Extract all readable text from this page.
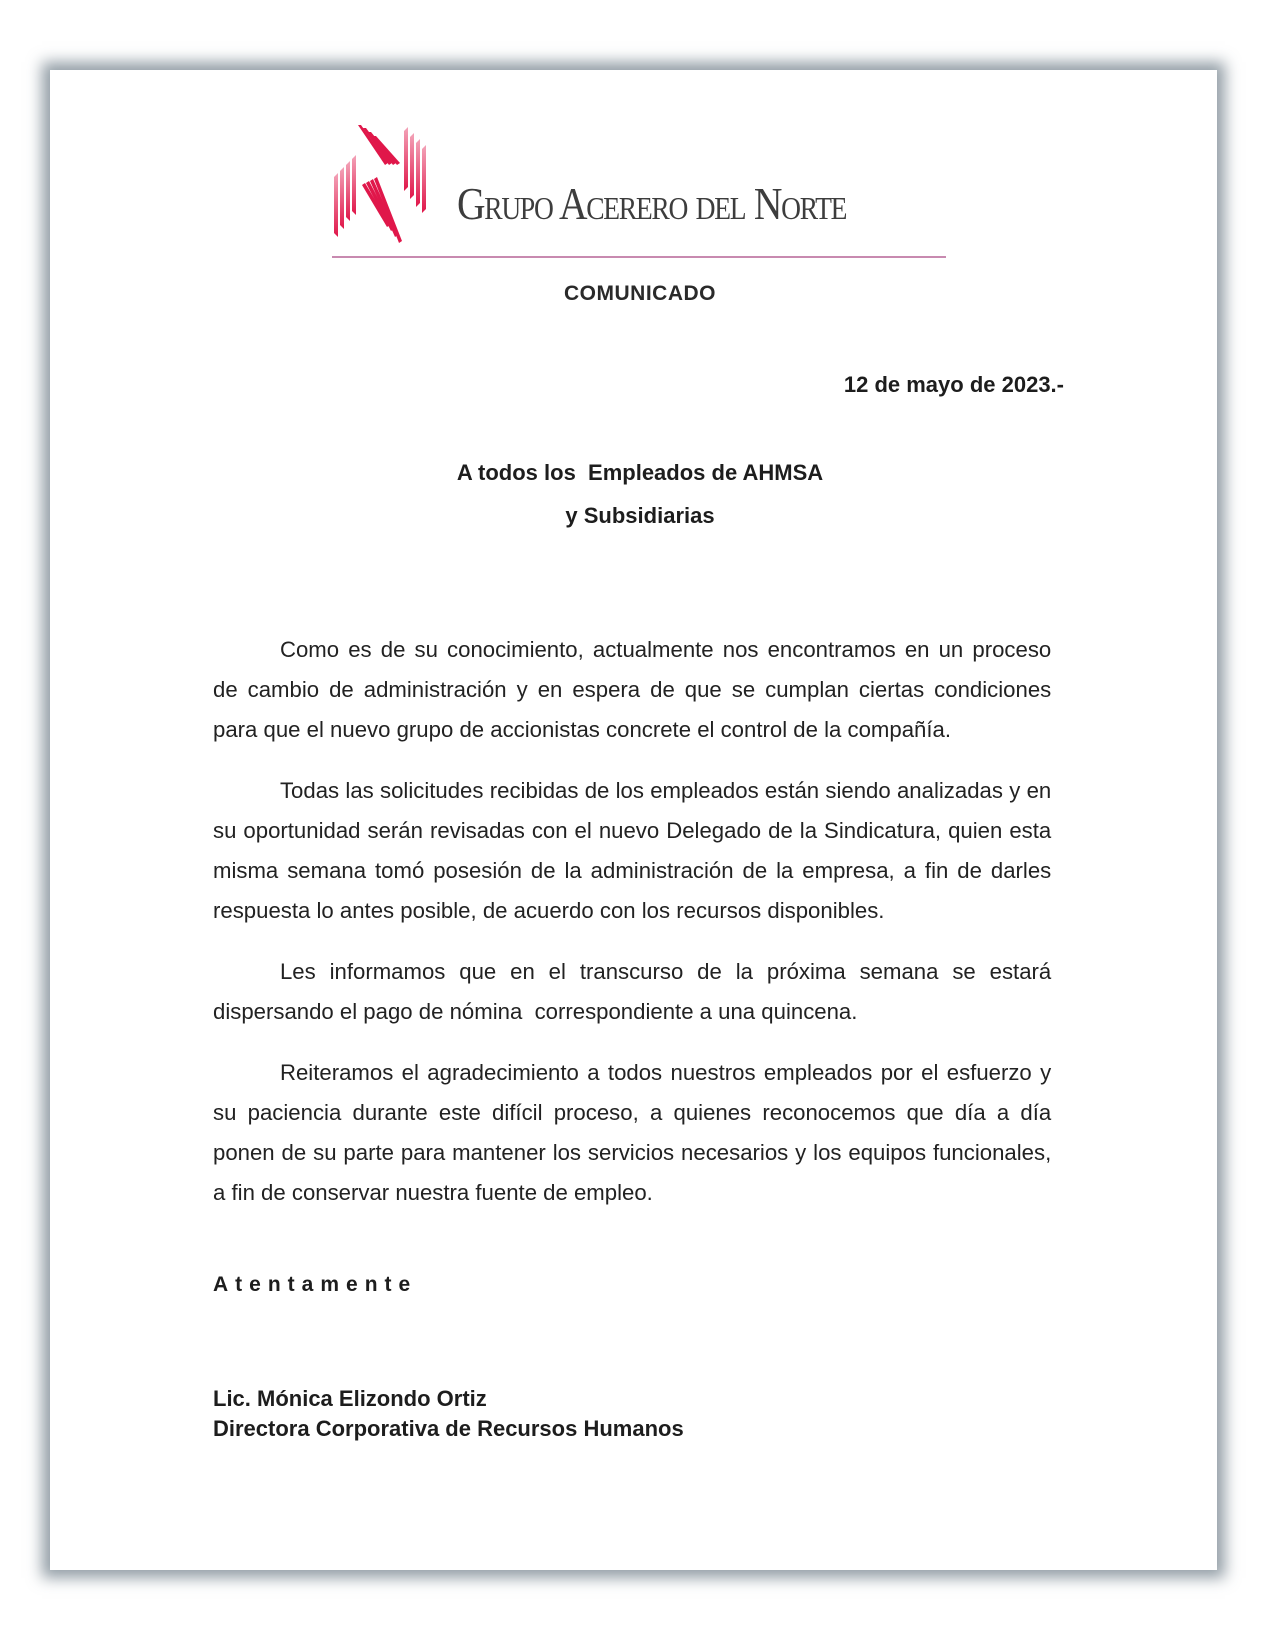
Grupo Acerero del Norte
COMUNICADO
12 de mayo de 2023.-
A todos los  Empleados de AHMSA
y Subsidiarias

Como es de su conocimiento, actualmente nos encontramos en un proceso de cambio de administración y en espera de que se cumplan ciertas condiciones para que el nuevo grupo de accionistas concrete el control de la compañía.

Todas las solicitudes recibidas de los empleados están siendo analizadas y en su oportunidad serán revisadas con el nuevo Delegado de la Sindicatura, quien esta misma semana tomó posesión de la administración de la empresa, a fin de darles respuesta lo antes posible, de acuerdo con los recursos disponibles.

Les informamos que en el transcurso de la próxima semana se estará dispersando el pago de nómina  correspondiente a una quincena.

Reiteramos el agradecimiento a todos nuestros empleados por el esfuerzo y su paciencia durante este difícil proceso, a quienes reconocemos que día a día ponen de su parte para mantener los servicios necesarios y los equipos funcionales, a fin de conservar nuestra fuente de empleo.

Atentamente
Lic. Mónica Elizondo Ortiz
Directora Corporativa de Recursos Humanos
